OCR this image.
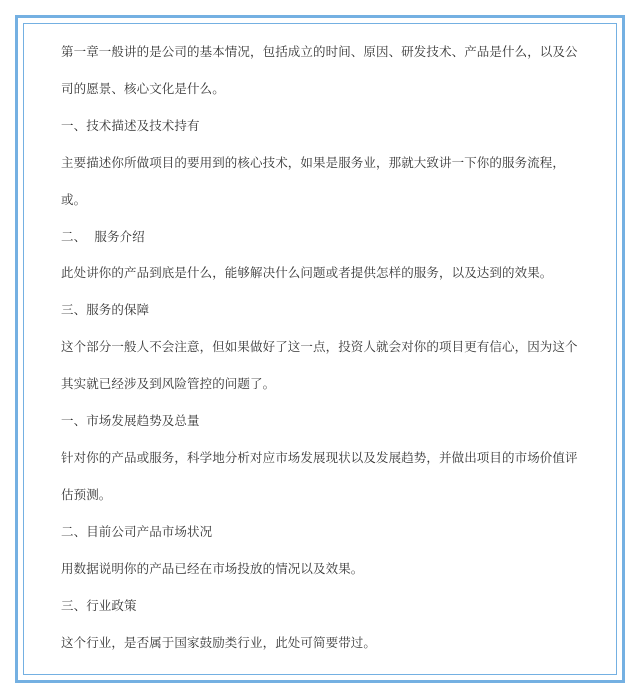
第一章一般讲的是公司的基本情况，包括成立的时间、原因、研发技术、产品是什么，以及公司的愿景、核心文化是什么。

一、技术描述及技术持有

主要描述你所做项目的要用到的核心技术，如果是服务业，那就大致讲一下你的服务流程，或。

二、  服务介绍

此处讲你的产品到底是什么，能够解决什么问题或者提供怎样的服务，以及达到的效果。

三、服务的保障

这个部分一般人不会注意，但如果做好了这一点，投资人就会对你的项目更有信心，因为这个其实就已经涉及到风险管控的问题了。

一、市场发展趋势及总量

针对你的产品或服务，科学地分析对应市场发展现状以及发展趋势，并做出项目的市场价值评估预测。

二、目前公司产品市场状况

用数据说明你的产品已经在市场投放的情况以及效果。

三、行业政策

这个行业，是否属于国家鼓励类行业，此处可简要带过。
